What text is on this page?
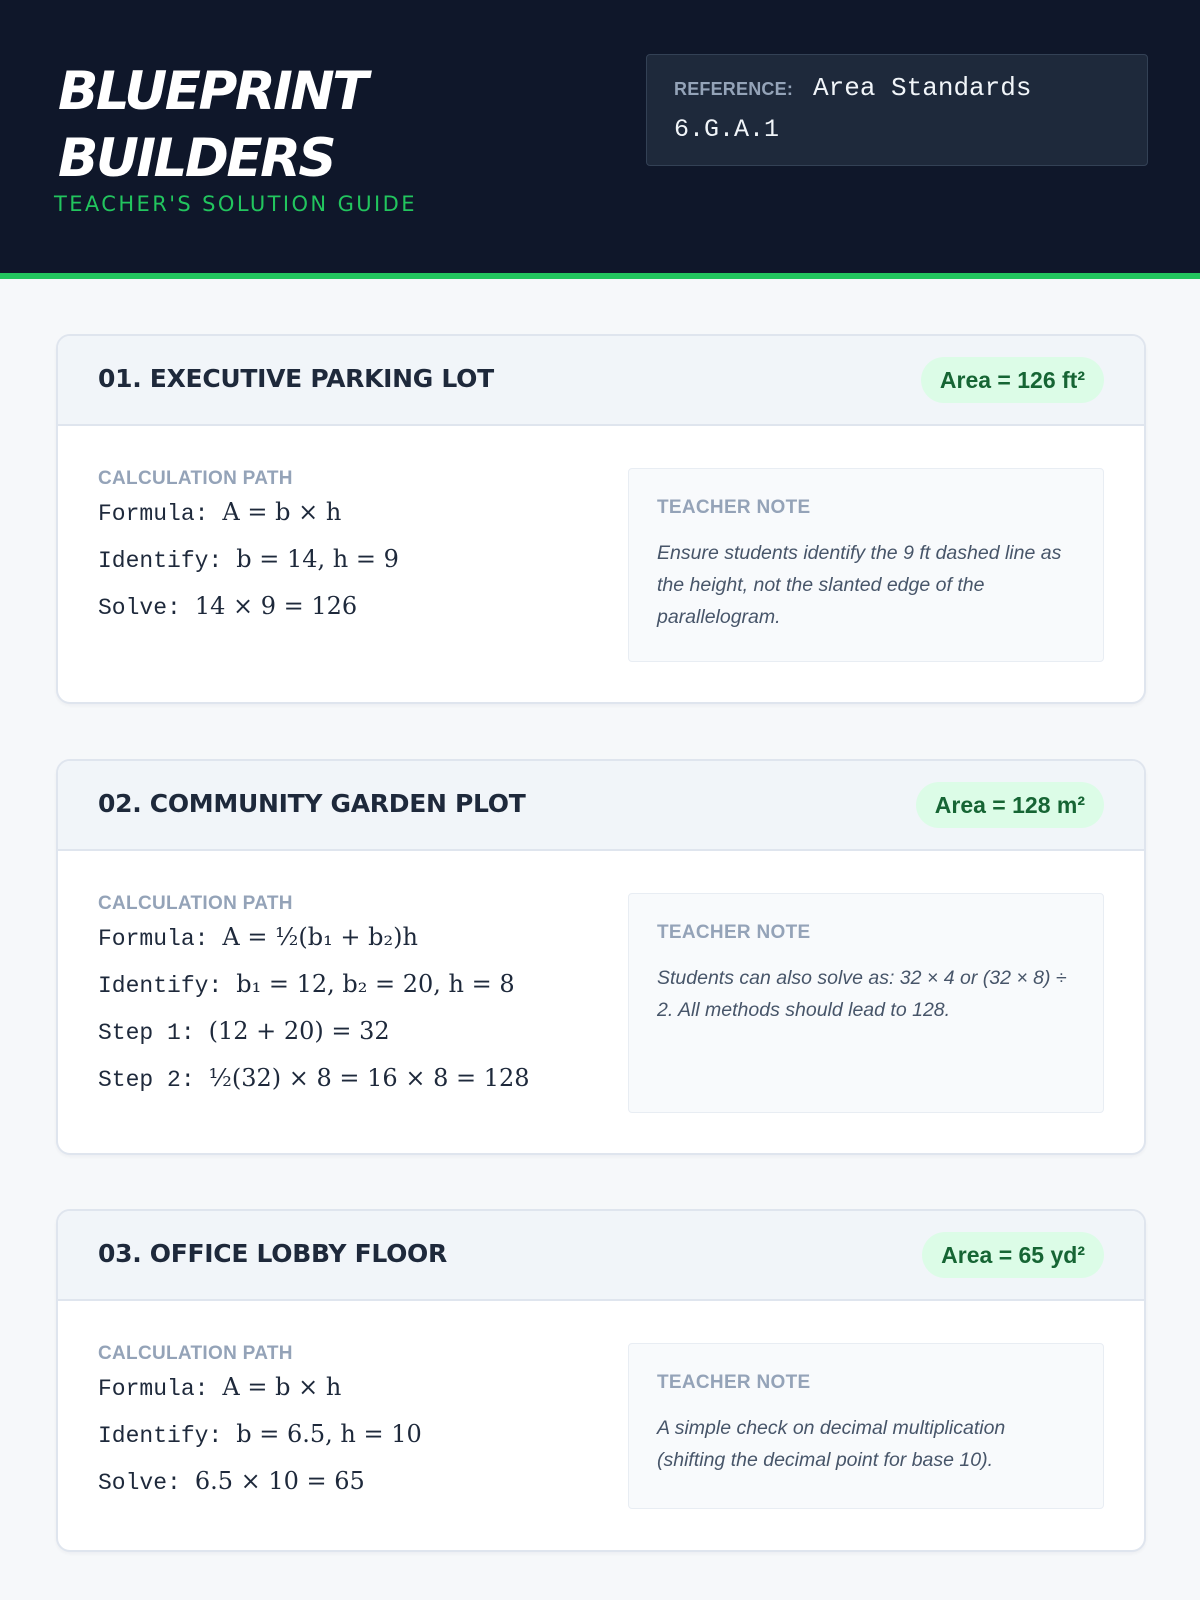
BLUEPRINT
BUILDERS
TEACHER'S SOLUTION GUIDE
REFERENCE: Area Standards
6.G.A.1
01. EXECUTIVE PARKING LOT	Area = 126 ft²
CALCULATION PATH
Formula: A = b × h
Identify: b = 14, h = 9
Solve: 14 × 9 = 126
TEACHER NOTE
Ensure students identify the 9 ft dashed line as the height, not the slanted edge of the parallelogram.
02. COMMUNITY GARDEN PLOT	Area = 128 m²
CALCULATION PATH
Formula: A = ½(b₁ + b₂)h
Identify: b₁ = 12, b₂ = 20, h = 8
Step 1: (12 + 20) = 32
Step 2: ½(32) × 8 = 16 × 8 = 128
TEACHER NOTE
Students can also solve as: 32 × 4 or (32 × 8) ÷ 2. All methods should lead to 128.
03. OFFICE LOBBY FLOOR	Area = 65 yd²
CALCULATION PATH
Formula: A = b × h
Identify: b = 6.5, h = 10
Solve: 6.5 × 10 = 65
TEACHER NOTE
A simple check on decimal multiplication (shifting the decimal point for base 10).
